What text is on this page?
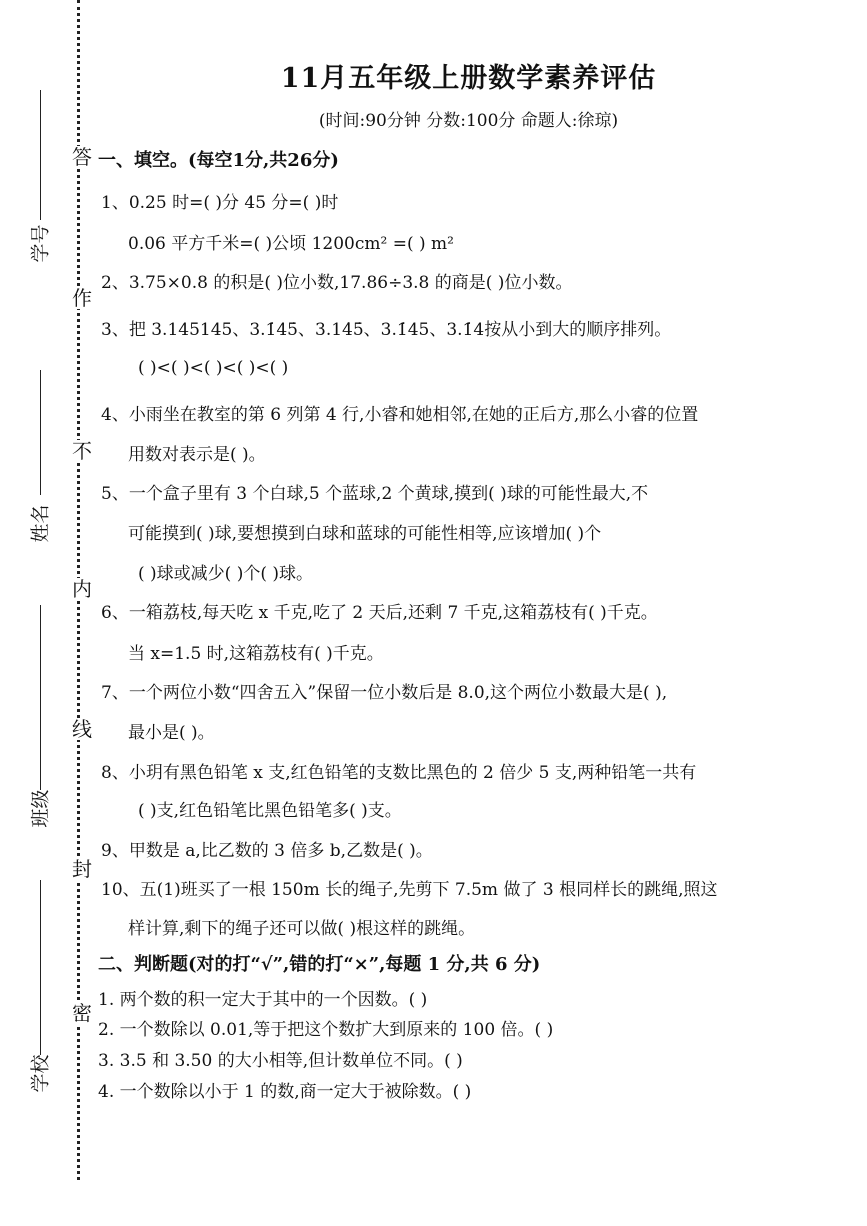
答
作
不
内
线
封
密
学号
姓名
班级
学校
11月五年级上册数学素养评估
(时间:90分钟 分数:100分 命题人:徐琼)
一、填空。(每空1分,共26分)
1、0.25 时=( )分 45 分=( )时
0.06 平方千米=( )公顷 1200cm² =( ) m²
2、3.75×0.8 的积是( )位小数,17.86÷3.8 的商是( )位小数。
3、把 3.145145、3.1̇45̇、3.14̇5̇、3.1̇45、3.1̇4按从小到大的顺序排列。
( )<( )<( )<( )<( )
4、小雨坐在教室的第 6 列第 4 行,小睿和她相邻,在她的正后方,那么小睿的位置
用数对表示是( )。
5、一个盒子里有 3 个白球,5 个蓝球,2 个黄球,摸到( )球的可能性最大,不
可能摸到( )球,要想摸到白球和蓝球的可能性相等,应该增加( )个
( )球或减少( )个( )球。
6、一箱荔枝,每天吃 x 千克,吃了 2 天后,还剩 7 千克,这箱荔枝有( )千克。
当 x=1.5 时,这箱荔枝有( )千克。
7、一个两位小数“四舍五入”保留一位小数后是 8.0,这个两位小数最大是( ),
最小是( )。
8、小玥有黑色铅笔 x 支,红色铅笔的支数比黑色的 2 倍少 5 支,两种铅笔一共有
( )支,红色铅笔比黑色铅笔多( )支。
9、甲数是 a,比乙数的 3 倍多 b,乙数是( )。
10、五(1)班买了一根 150m 长的绳子,先剪下 7.5m 做了 3 根同样长的跳绳,照这
样计算,剩下的绳子还可以做( )根这样的跳绳。
二、判断题(对的打“√”,错的打“×”,每题 1 分,共 6 分)
1. 两个数的积一定大于其中的一个因数。( )
2. 一个数除以 0.01,等于把这个数扩大到原来的 100 倍。( )
3. 3.5 和 3.50 的大小相等,但计数单位不同。( )
4. 一个数除以小于 1 的数,商一定大于被除数。( )
